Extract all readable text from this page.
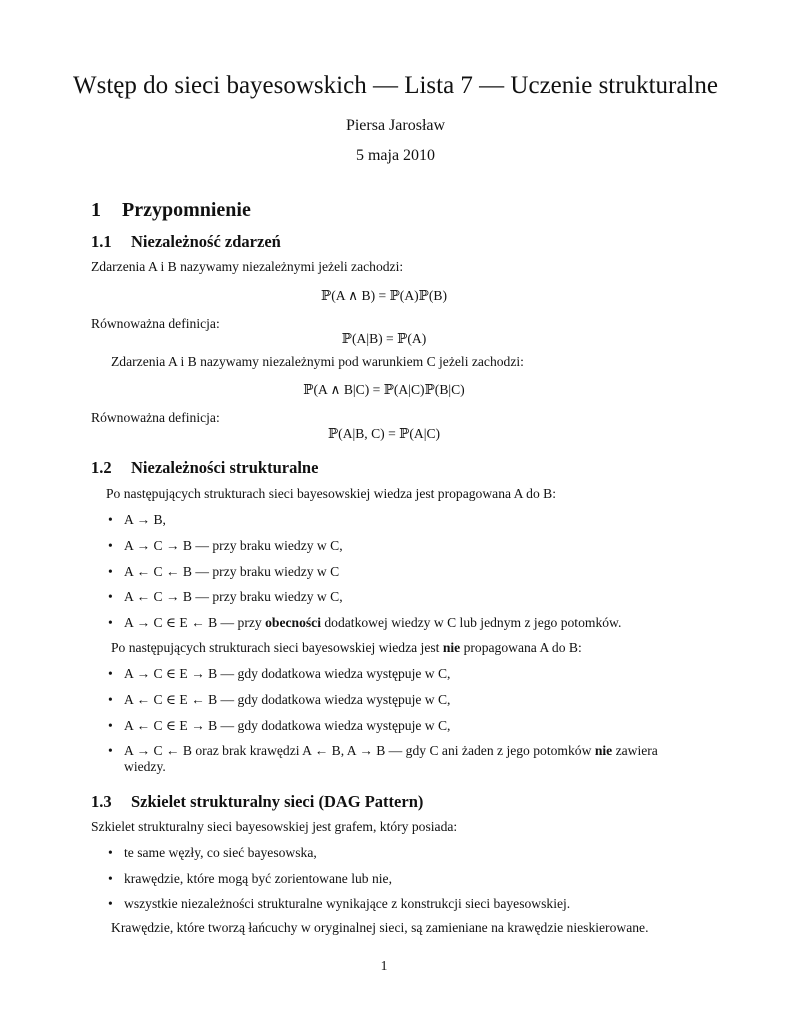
Wstęp do sieci bayesowskich — Lista 7 — Uczenie strukturalne
Piersa Jarosław
5 maja 2010
1 Przypomnienie
1.1 Niezależność zdarzeń
Zdarzenia A i B nazywamy niezależnymi jeżeli zachodzi:
ℙ(A ∧ B) = ℙ(A)ℙ(B)
Równoważna definicja:
ℙ(A|B) = ℙ(A)
Zdarzenia A i B nazywamy niezależnymi pod warunkiem C jeżeli zachodzi:
ℙ(A ∧ B|C) = ℙ(A|C)ℙ(B|C)
Równoważna definicja:
ℙ(A|B, C) = ℙ(A|C)
1.2 Niezależności strukturalne
Po następujących strukturach sieci bayesowskiej wiedza jest propagowana A do B:
• A → B,
• A → C → B — przy braku wiedzy w C,
• A ← C ← B — przy braku wiedzy w C
• A ← C → B — przy braku wiedzy w C,
• A → C ∈ E ← B — przy obecności dodatkowej wiedzy w C lub jednym z jego potomków.
Po następujących strukturach sieci bayesowskiej wiedza jest nie propagowana A do B:
• A → C ∈ E → B — gdy dodatkowa wiedza występuje w C,
• A ← C ∈ E ← B — gdy dodatkowa wiedza występuje w C,
• A ← C ∈ E → B — gdy dodatkowa wiedza występuje w C,
• A → C ← B oraz brak krawędzi A ← B, A → B — gdy C ani żaden z jego potomków nie zawiera
wiedzy.
1.3 Szkielet strukturalny sieci (DAG Pattern)
Szkielet strukturalny sieci bayesowskiej jest grafem, który posiada:
• te same węzły, co sieć bayesowska,
• krawędzie, które mogą być zorientowane lub nie,
• wszystkie niezależności strukturalne wynikające z konstrukcji sieci bayesowskiej.
Krawędzie, które tworzą łańcuchy w oryginalnej sieci, są zamieniane na krawędzie nieskierowane.
1
